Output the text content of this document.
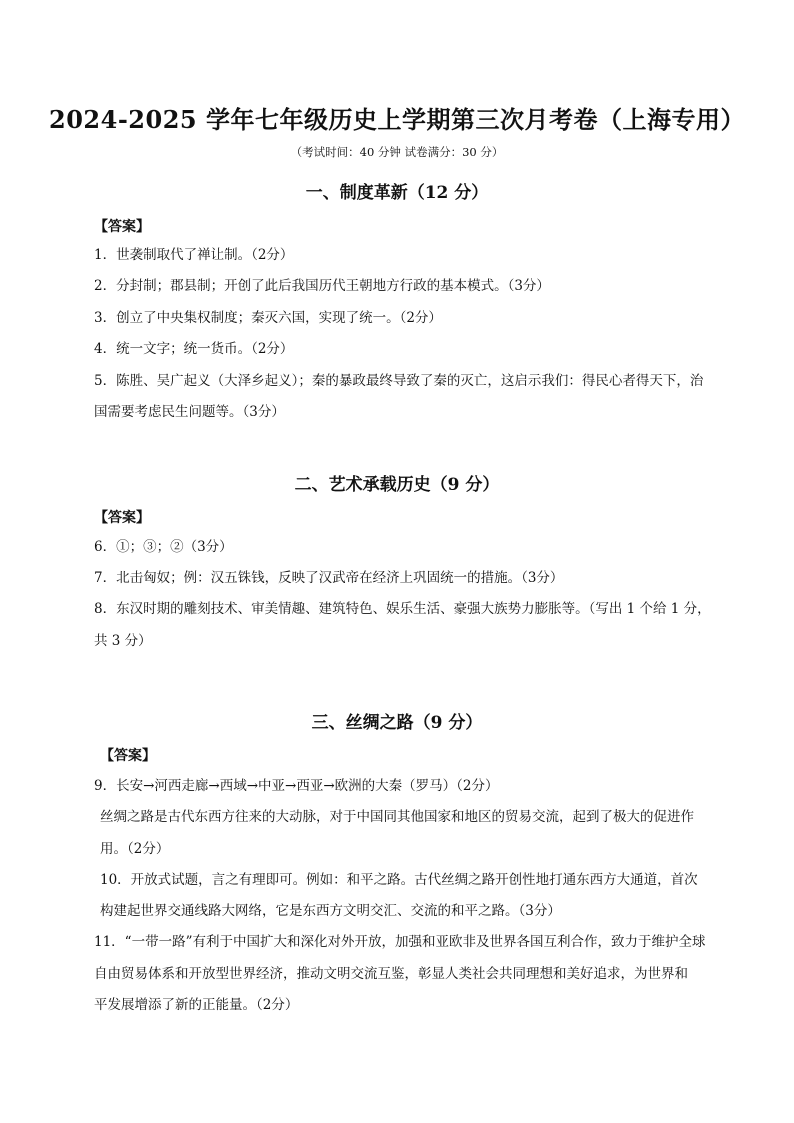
2024-2025 学年七年级历史上学期第三次月考卷（上海专用）
（考试时间：40 分钟 试卷满分：30 分）
一、制度革新（12 分）
【答案】
1．世袭制取代了禅让制。（2分）
2．分封制；郡县制；开创了此后我国历代王朝地方行政的基本模式。（3分）
3．创立了中央集权制度；秦灭六国，实现了统一。（2分）
4．统一文字；统一货币。（2分）
5．陈胜、吴广起义（大泽乡起义）；秦的暴政最终导致了秦的灭亡，这启示我们：得民心者得天下，治
国需要考虑民生问题等。（3分）
二、艺术承载历史（9 分）
【答案】
6．①；③；②（3分）
7．北击匈奴；例：汉五铢钱，反映了汉武帝在经济上巩固统一的措施。（3分）
8．东汉时期的雕刻技术、审美情趣、建筑特色、娱乐生活、豪强大族势力膨胀等。（写出 1 个给 1 分，
共 3 分）
三、丝绸之路（9 分）
【答案】
9．长安→河西走廊→西域→中亚→西亚→欧洲的大秦（罗马）（2分）
丝绸之路是古代东西方往来的大动脉，对于中国同其他国家和地区的贸易交流，起到了极大的促进作
用。（2分）
10．开放式试题，言之有理即可。例如：和平之路。古代丝绸之路开创性地打通东西方大通道，首次
构建起世界交通线路大网络，它是东西方文明交汇、交流的和平之路。（3分）
11．“一带一路”有利于中国扩大和深化对外开放，加强和亚欧非及世界各国互利合作，致力于维护全球
自由贸易体系和开放型世界经济，推动文明交流互鉴，彰显人类社会共同理想和美好追求，为世界和
平发展增添了新的正能量。（2分）
